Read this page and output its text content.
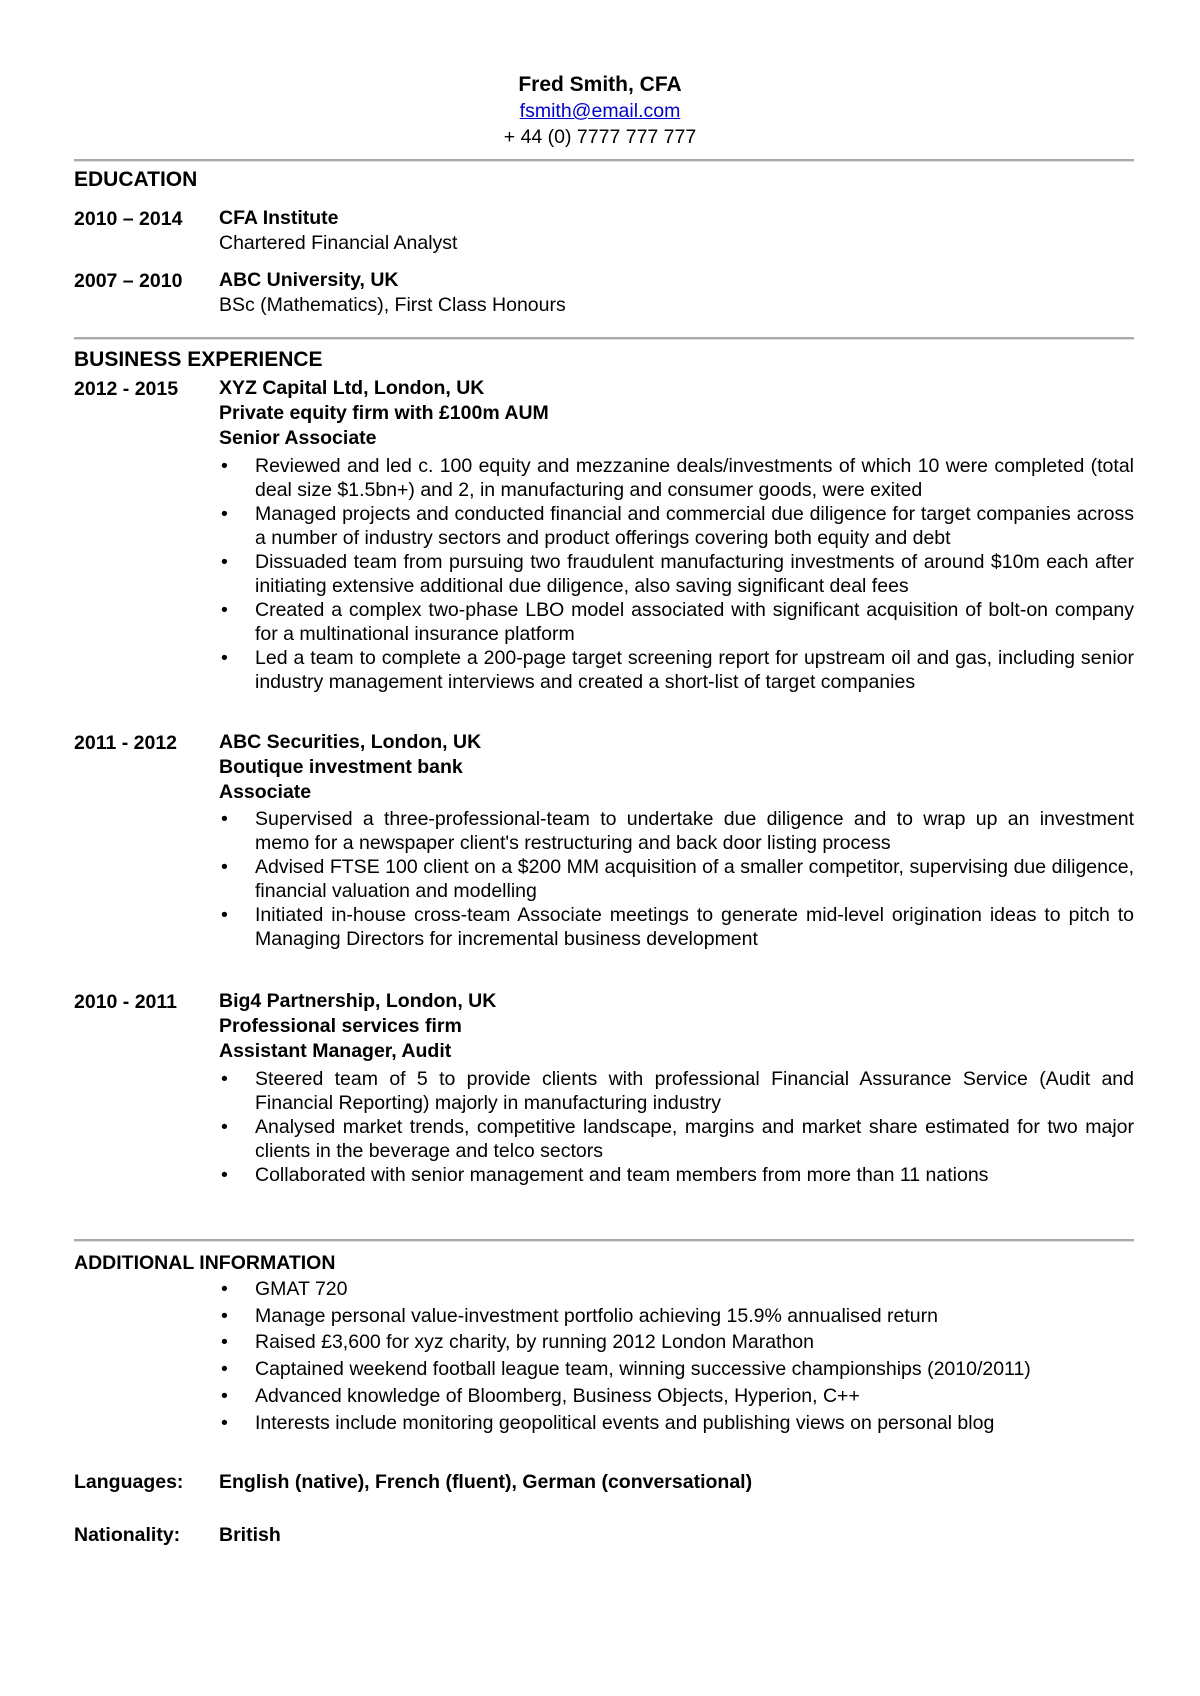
Fred Smith, CFA
fsmith@email.com
+ 44 (0) 7777 777 777
EDUCATION
2010 – 2014 CFA Institute
Chartered Financial Analyst
2007 – 2010 ABC University, UK
BSc (Mathematics), First Class Honours
BUSINESS EXPERIENCE
2012 - 2015 XYZ Capital Ltd, London, UK
Private equity firm with £100m AUM
Senior Associate
•	Reviewed and led c. 100 equity and mezzanine deals/investments of which 10 were completed (total deal size $1.5bn+) and 2, in manufacturing and consumer goods, were exited
•	Managed projects and conducted financial and commercial due diligence for target companies across a number of industry sectors and product offerings covering both equity and debt
•	Dissuaded team from pursuing two fraudulent manufacturing investments of around $10m each after initiating extensive additional due diligence, also saving significant deal fees
•	Created a complex two-phase LBO model associated with significant acquisition of bolt-on company for a multinational insurance platform
•	Led a team to complete a 200-page target screening report for upstream oil and gas, including senior industry management interviews and created a short-list of target companies
2011 - 2012 ABC Securities, London, UK
Boutique investment bank
Associate
•	Supervised a three-professional-team to undertake due diligence and to wrap up an investment memo for a newspaper client's restructuring and back door listing process
•	Advised FTSE 100 client on a $200 MM acquisition of a smaller competitor, supervising due diligence, financial valuation and modelling
•	Initiated in-house cross-team Associate meetings to generate mid-level origination ideas to pitch to Managing Directors for incremental business development
2010 - 2011 Big4 Partnership, London, UK
Professional services firm
Assistant Manager, Audit
•	Steered team of 5 to provide clients with professional Financial Assurance Service (Audit and Financial Reporting) majorly in manufacturing industry
•	Analysed market trends, competitive landscape, margins and market share estimated for two major clients in the beverage and telco sectors
•	Collaborated with senior management and team members from more than 11 nations
ADDITIONAL INFORMATION
•	GMAT 720
•	Manage personal value-investment portfolio achieving 15.9% annualised return
•	Raised £3,600 for xyz charity, by running 2012 London Marathon
•	Captained weekend football league team, winning successive championships (2010/2011)
•	Advanced knowledge of Bloomberg, Business Objects, Hyperion, C++
•	Interests include monitoring geopolitical events and publishing views on personal blog
Languages: English (native), French (fluent), German (conversational)
Nationality: British
